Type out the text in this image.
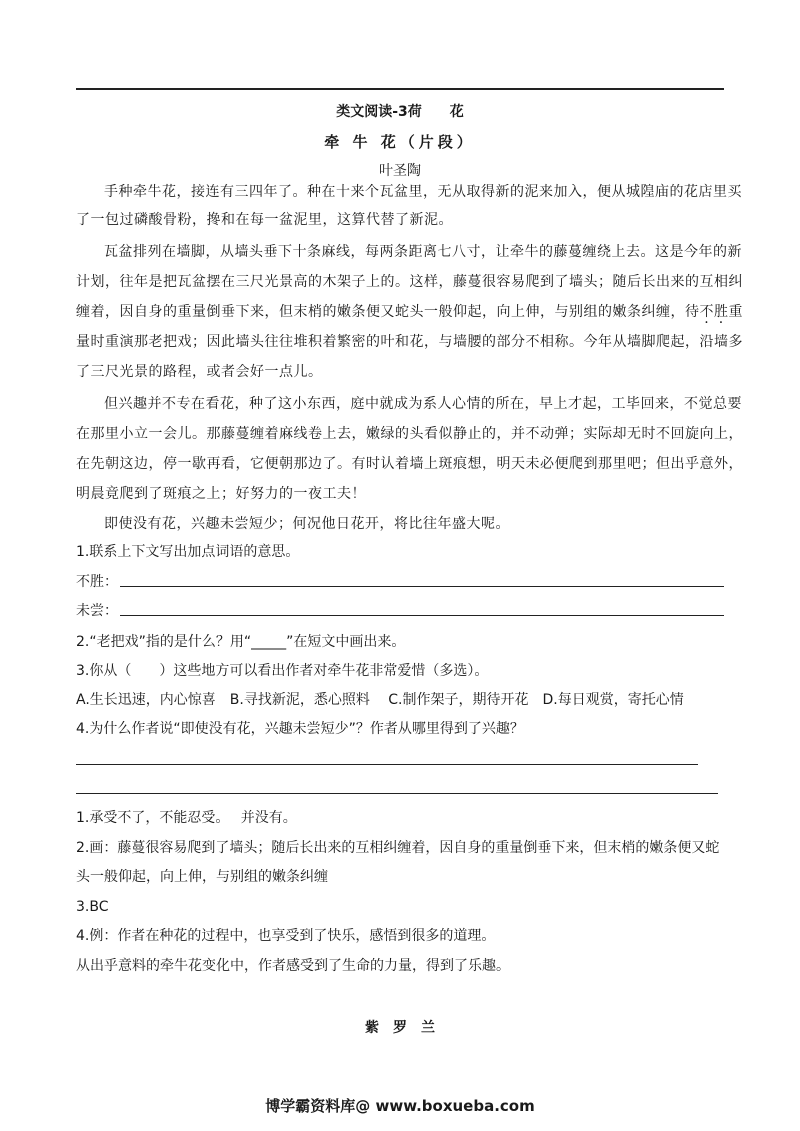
类文阅读-3荷　　花
牵 牛 花（片段）
叶圣陶
手种牵牛花，接连有三四年了。种在十来个瓦盆里，无从取得新的泥来加入，便从城隍庙的花店里买
了一包过磷酸骨粉，搀和在每一盆泥里，这算代替了新泥。
瓦盆排列在墙脚，从墙头垂下十条麻线，每两条距离七八寸，让牵牛的藤蔓缠绕上去。这是今年的新
计划，往年是把瓦盆摆在三尺光景高的木架子上的。这样，藤蔓很容易爬到了墙头；随后长出来的互相纠
缠着，因自身的重量倒垂下来，但末梢的嫩条便又蛇头一般仰起，向上伸，与别组的嫩条纠缠，待不胜重
量时重演那老把戏；因此墙头往往堆积着繁密的叶和花，与墙腰的部分不相称。今年从墙脚爬起，沿墙多
了三尺光景的路程，或者会好一点儿。
但兴趣并不专在看花，种了这小东西，庭中就成为系人心情的所在，早上才起，工毕回来，不觉总要
在那里小立一会儿。那藤蔓缠着麻线卷上去，嫩绿的头看似静止的，并不动弹；实际却无时不回旋向上，
在先朝这边，停一歇再看，它便朝那边了。有时认着墙上斑痕想，明天未必便爬到那里吧；但出乎意外，
明晨竟爬到了斑痕之上；好努力的一夜工夫！
即使没有花，兴趣未尝短少；何况他日花开，将比往年盛大呢。
1.联系上下文写出加点词语的意思。
不胜：
未尝：
2.“老把戏”指的是什么？用“_____”在短文中画出来。
3.你从（　　）这些地方可以看出作者对牵牛花非常爱惜（多选）。
A.生长迅速，内心惊喜　B.寻找新泥，悉心照料　 C.制作架子，期待开花　D.每日观赏，寄托心情
4.为什么作者说“即使没有花，兴趣未尝短少”？作者从哪里得到了兴趣？
1.承受不了，不能忍受。　 并没有。
2.画：藤蔓很容易爬到了墙头；随后长出来的互相纠缠着，因自身的重量倒垂下来，但末梢的嫩条便又蛇
头一般仰起，向上伸，与别组的嫩条纠缠
3.BC
4.例：作者在种花的过程中，也享受到了快乐，感悟到很多的道理。
从出乎意料的牵牛花变化中，作者感受到了生命的力量，得到了乐趣。
紫　罗　兰
博学霸资料库@ www.boxueba.com
